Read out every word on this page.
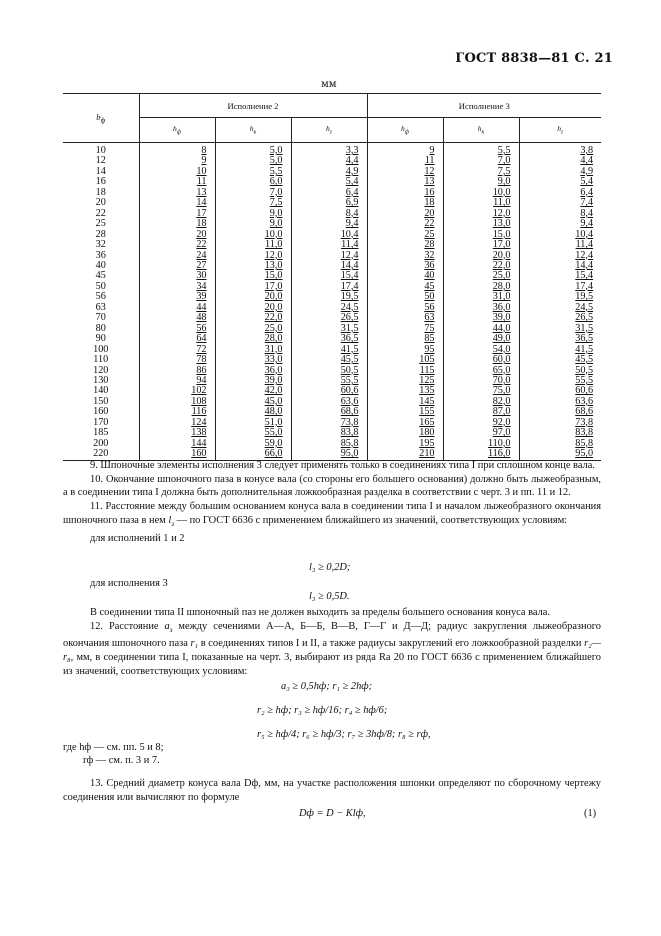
ГОСТ 8838—81 С. 21
мм
$b_ф$	Исполнение 2			Исполнение 3		
	$h_ф$	$h_к$	$h_г$	$h_ф$	$h_к$	$h_г$
10	8	5,0	3,3	9	5,5	3,8
12	9	5,0	4,4	11	7,0	4,4
14	10	5,5	4,9	12	7,5	4,9
16	11	6,0	5,4	13	9,0	5,4
18	13	7,0	6,4	16	10,0	6,4
20	14	7,5	6,9	18	11,0	7,4
22	17	9,0	8,4	20	12,0	8,4
25	18	9,0	9,4	22	13,0	9,4
28	20	10,0	10,4	25	15,0	10,4
32	22	11,0	11,4	28	17,0	11,4
36	24	12,0	12,4	32	20,0	12,4
40	27	13,0	14,4	36	22,0	14,4
45	30	15,0	15,4	40	25,0	15,4
50	34	17,0	17,4	45	28,0	17,4
56	39	20,0	19,5	50	31,0	19,5
63	44	20,0	24,5	56	36,0	24,5
70	48	22,0	26,5	63	39,0	26,5
80	56	25,0	31,5	75	44,0	31,5
90	64	28,0	36,5	85	49,0	36,5
100	72	31,0	41,5	95	54,0	41,5
110	78	33,0	45,5	105	60,0	45,5
120	86	36,0	50,5	115	65,0	50,5
130	94	39,0	55,5	125	70,0	55,5
140	102	42,0	60,6	135	75,0	60,6
150	108	45,0	63,6	145	82,0	63,6
160	116	48,0	68,6	155	87,0	68,6
170	124	51,0	73,8	165	92,0	73,8
185	138	55,0	83,8	180	97,0	83,8
200	144	59,0	85,8	195	110,0	85,8
220	160	66,0	95,0	210	116,0	95,0

9. Шпоночные элементы исполнения 3 следует применять только в соединениях типа I при сплошном конце вала.

10. Окончание шпоночного паза в конусе вала (со стороны его большего основания) должно быть лыжеобразным, а в соединении типа I должна быть дополнительная ложкообразная разделка в соответствии с черт. 3 и пп. 11 и 12.

11. Расстояние между большим основанием конуса вала в соединении типа I и началом лыжеобразного окончания шпоночного паза в нем $l_з$ — по ГОСТ 6636 с применением ближайшего из значений, соответствующих условиям:

для исполнений 1 и 2

l₃ ≥ 0,2D;

для исполнения 3

l₃ ≥ 0,5D.

В соединении типа II шпоночный паз не должен выходить за пределы большего основания конуса вала.

12. Расстояние $a_з$ между сечениями А—А, Б—Б, В—В, Г—Г и Д—Д; радиус закругления лыжеобразного окончания шпоночного паза r₁ в соединениях типов I и II, а также радиусы закруглений его ложкообразной разделки r₂—r₈, мм, в соединении типа I, показанные на черт. 3, выбирают из ряда Ra 20 по ГОСТ 6636 с применением ближайшего из значений, соответствующих условиям:

a₃ ≥ 0,5hф; r₁ ≥ 2hф;
r₂ ≥ hф; r₃ ≥ hф/16; r₄ ≥ hф/6;
r₅ ≥ hф/4; r₆ ≥ hф/3; r₇ ≥ 3hф/8; r₈ ≥ rф,
где hф — см. пп. 5 и 8;
rф — см. п. 3 и 7.

13. Средний диаметр конуса вала Dф, мм, на участке расположения шпонки определяют по сборочному чертежу соединения или вычисляют по формуле

Dф = D − Klф,	(1)
